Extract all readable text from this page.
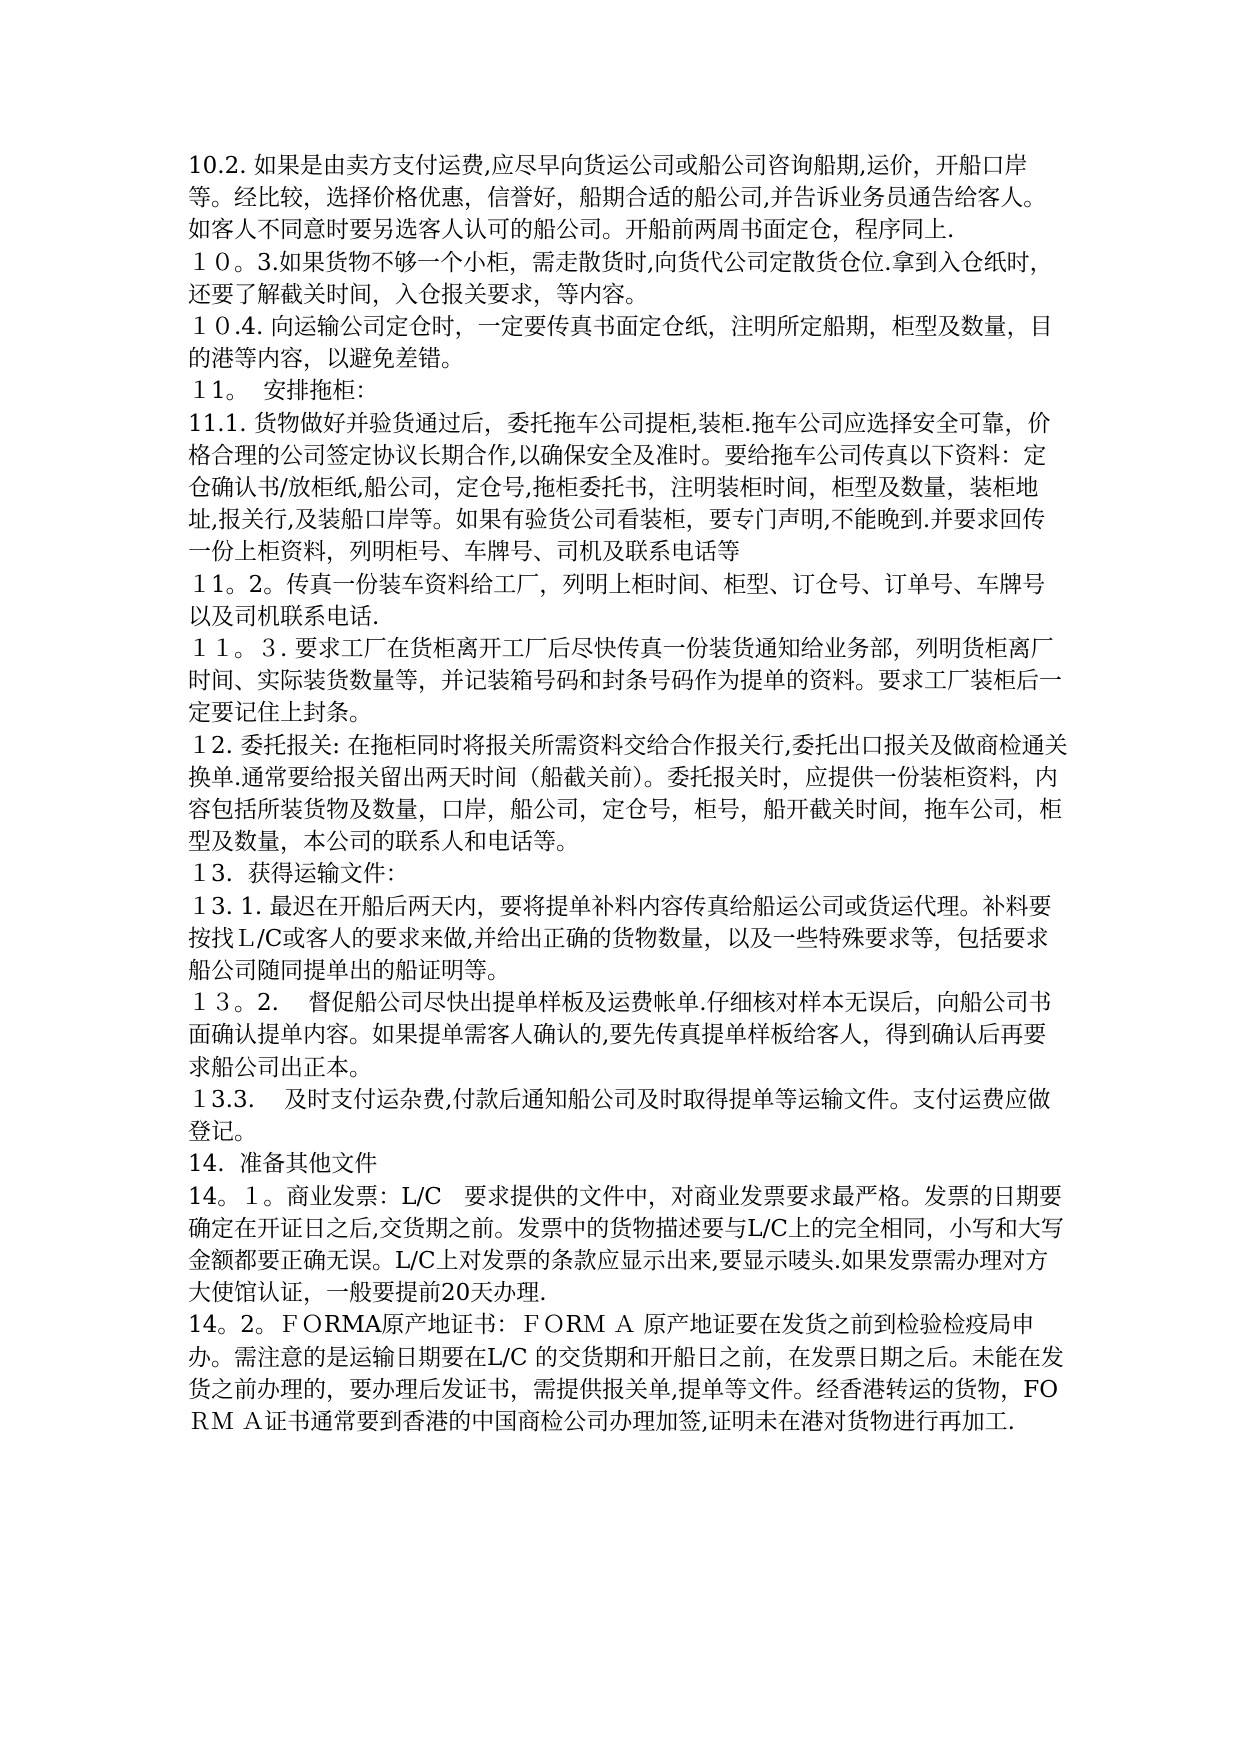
10.2. 如果是由卖方支付运费,应尽早向货运公司或船公司咨询船期,运价，开船口岸等。经比较，选择价格优惠，信誉好，船期合适的船公司,并告诉业务员通告给客人。如客人不同意时要另选客人认可的船公司。开船前两周书面定仓，程序同上.

１０。3.如果货物不够一个小柜，需走散货时,向货代公司定散货仓位.拿到入仓纸时，还要了解截关时间，入仓报关要求，等内容。

１０.4. 向运输公司定仓时，一定要传真书面定仓纸，注明所定船期，柜型及数量，目的港等内容，以避免差错。

１1。  安排拖柜：

11.1. 货物做好并验货通过后，委托拖车公司提柜,装柜.拖车公司应选择安全可靠，价格合理的公司签定协议长期合作,以确保安全及准时。要给拖车公司传真以下资料：定仓确认书/放柜纸,船公司，定仓号,拖柜委托书，注明装柜时间，柜型及数量，装柜地址,报关行,及装船口岸等。如果有验货公司看装柜，要专门声明,不能晚到.并要求回传一份上柜资料，列明柜号、车牌号、司机及联系电话等

１1。2。传真一份装车资料给工厂，列明上柜时间、柜型、订仓号、订单号、车牌号以及司机联系电话.

１１。３. 要求工厂在货柜离开工厂后尽快传真一份装货通知给业务部，列明货柜离厂时间、实际装货数量等，并记装箱号码和封条号码作为提单的资料。要求工厂装柜后一定要记住上封条。

１2. 委托报关: 在拖柜同时将报关所需资料交给合作报关行,委托出口报关及做商检通关换单.通常要给报关留出两天时间（船截关前）。委托报关时，应提供一份装柜资料，内容包括所装货物及数量，口岸，船公司，定仓号，柜号，船开截关时间，拖车公司，柜型及数量，本公司的联系人和电话等。

１3.  获得运输文件：

１3. 1. 最迟在开船后两天内，要将提单补料内容传真给船运公司或货运代理。补料要按找Ｌ/C或客人的要求来做,并给出正确的货物数量，以及一些特殊要求等，包括要求船公司随同提单出的船证明等。

１３。2.    督促船公司尽快出提单样板及运费帐单.仔细核对样本无误后，向船公司书面确认提单内容。如果提单需客人确认的,要先传真提单样板给客人，得到确认后再要求船公司出正本。

１3.3.    及时支付运杂费,付款后通知船公司及时取得提单等运输文件。支付运费应做登记。

14.  准备其他文件

14。１。商业发票：L/C   要求提供的文件中，对商业发票要求最严格。发票的日期要确定在开证日之后,交货期之前。发票中的货物描述要与L/C上的完全相同，小写和大写金额都要正确无误。L/C上对发票的条款应显示出来,要显示唛头.如果发票需办理对方大使馆认证，一般要提前20天办理.

14。2。ＦＯRMA原产地证书：ＦＯRＭ Ａ 原产地证要在发货之前到检验检疫局申办。需注意的是运输日期要在L/C 的交货期和开船日之前，在发票日期之后。未能在发货之前办理的，要办理后发证书，需提供报关单,提单等文件。经香港转运的货物，FOＲＭ Ａ证书通常要到香港的中国商检公司办理加签,证明未在港对货物进行再加工.
